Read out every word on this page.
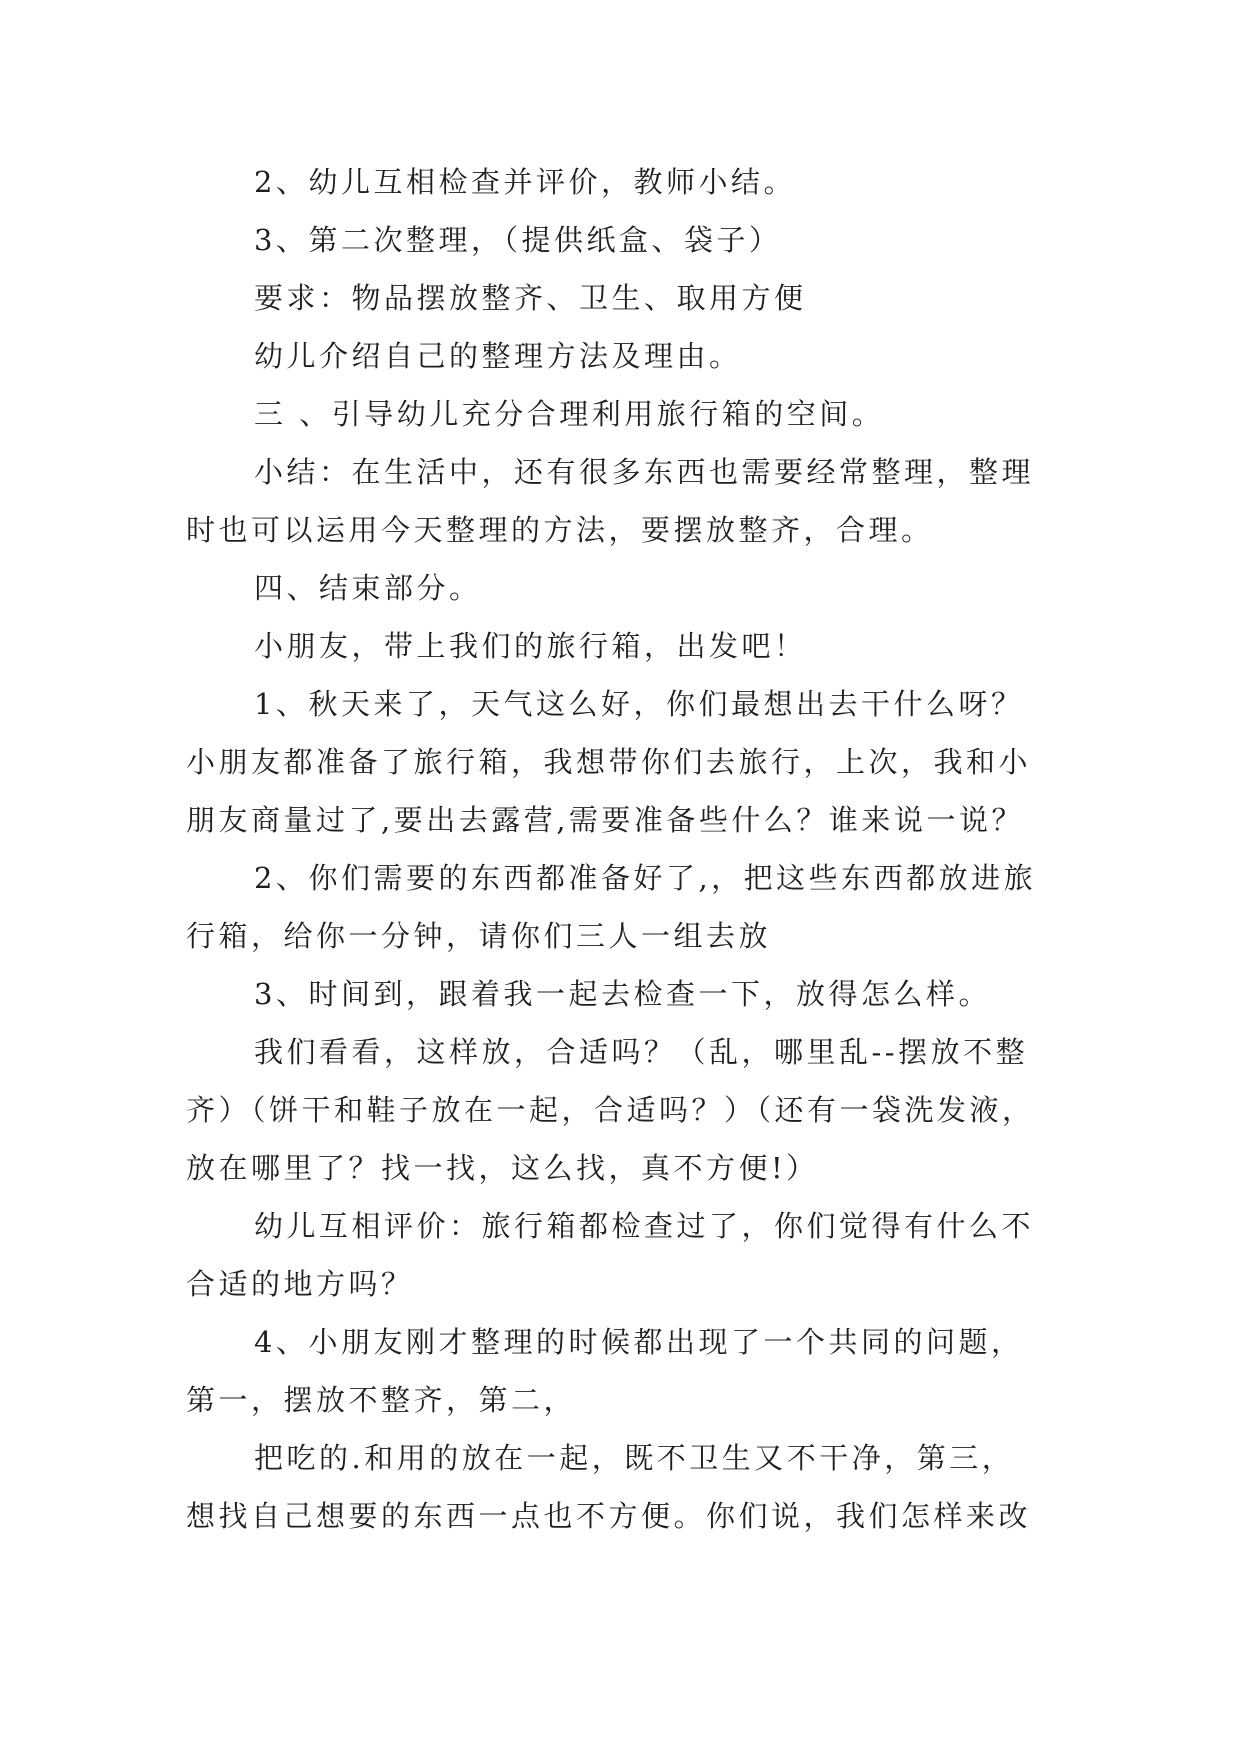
2、幼儿互相检查并评价，教师小结。
3、第二次整理，（提供纸盒、袋子）
要求：物品摆放整齐、卫生、取用方便
幼儿介绍自己的整理方法及理由。
三 、引导幼儿充分合理利用旅行箱的空间。
小结：在生活中，还有很多东西也需要经常整理，整理
时也可以运用今天整理的方法，要摆放整齐，合理。
四、结束部分。
小朋友，带上我们的旅行箱，出发吧！
1、秋天来了，天气这么好，你们最想出去干什么呀？
小朋友都准备了旅行箱，我想带你们去旅行，上次，我和小
朋友商量过了,要出去露营,需要准备些什么？谁来说一说？
2、你们需要的东西都准备好了,，把这些东西都放进旅
行箱，给你一分钟，请你们三人一组去放
3、时间到，跟着我一起去检查一下，放得怎么样。
我们看看，这样放，合适吗？（乱，哪里乱--摆放不整
齐）（饼干和鞋子放在一起，合适吗？）（还有一袋洗发液，
放在哪里了？找一找，这么找，真不方便!）
幼儿互相评价：旅行箱都检查过了，你们觉得有什么不
合适的地方吗？
4、小朋友刚才整理的时候都出现了一个共同的问题，
第一，摆放不整齐，第二，
把吃的.和用的放在一起，既不卫生又不干净，第三，
想找自己想要的东西一点也不方便。你们说，我们怎样来改
